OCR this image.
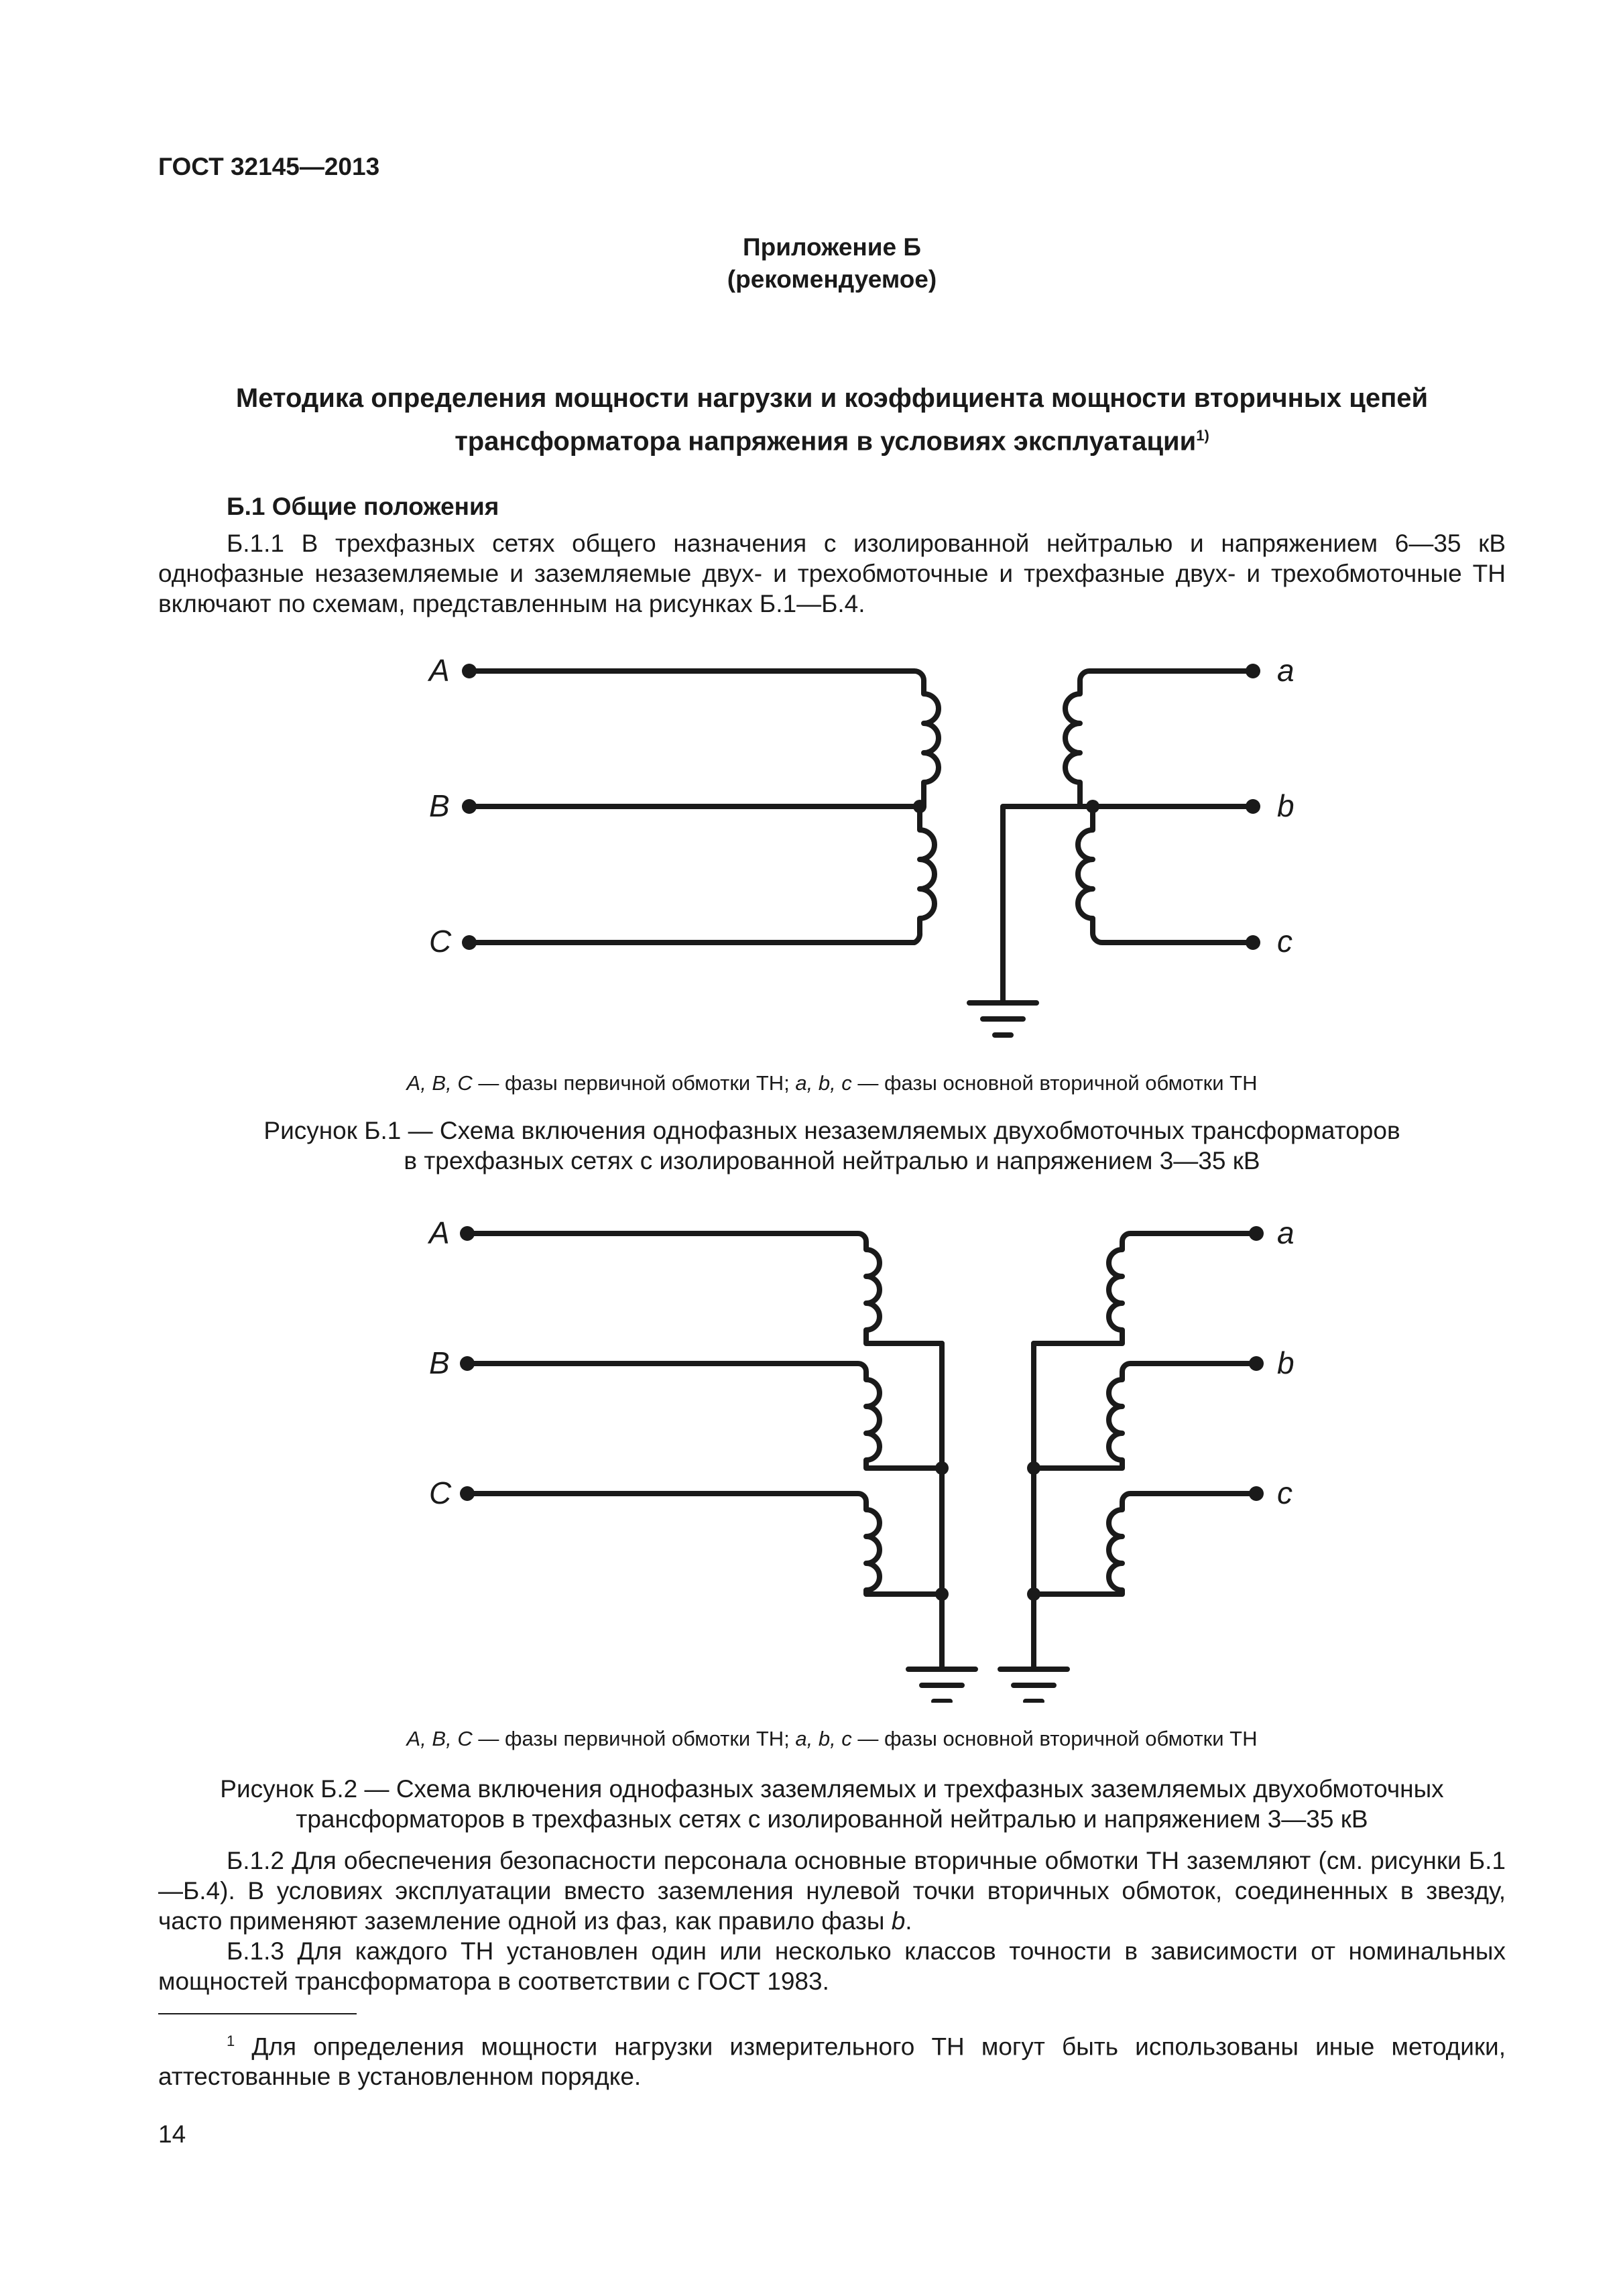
ГОСТ 32145—2013
Приложение Б
(рекомендуемое)
Методика определения мощности нагрузки и коэффициента мощности вторичных цепей
трансформатора напряжения в условиях эксплуатации$^{1)}$
Б.1 Общие положения
Б.1.1 В трехфазных сетях общего назначения с изолированной нейтралью и напряжением 6—35 кВ однофазные незаземляемые и заземляемые двух- и трехобмоточные и трехфазные двух- и трехобмоточные ТН включают по схемам, представленным на рисунках Б.1—Б.4.
A
B
C
a
b
c
A, B, C — фазы первичной обмотки ТН; a, b, c — фазы основной вторичной обмотки ТН
Рисунок Б.1 — Схема включения однофазных незаземляемых двухобмоточных трансформаторов
в трехфазных сетях с изолированной нейтралью и напряжением 3—35 кВ
A
B
C
a
b
c
A, B, C — фазы первичной обмотки ТН; a, b, c — фазы основной вторичной обмотки ТН
Рисунок Б.2 — Схема включения однофазных заземляемых и трехфазных заземляемых двухобмоточных
трансформаторов в трехфазных сетях с изолированной нейтралью и напряжением 3—35 кВ
Б.1.2 Для обеспечения безопасности персонала основные вторичные обмотки ТН заземляют (см. рисунки Б.1—Б.4). В условиях эксплуатации вместо заземления нулевой точки вторичных обмоток, соединенных в звезду, часто применяют заземление одной из фаз, как правило фазы b.
Б.1.3 Для каждого ТН установлен один или несколько классов точности в зависимости от номинальных мощностей трансформатора в соответствии с ГОСТ 1983.
$^1$ Для определения мощности нагрузки измерительного ТН могут быть использованы иные методики, аттестованные в установленном порядке.
14
